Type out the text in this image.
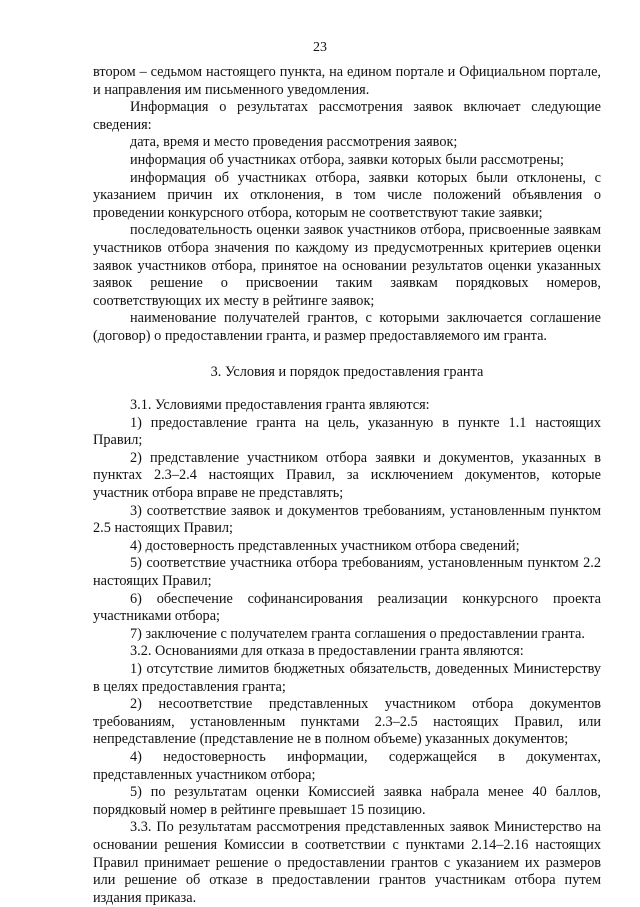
23

втором – седьмом настоящего пункта, на едином портале и Официальном портале, и направления им письменного уведомления.

Информация о результатах рассмотрения заявок включает следующие сведения:

дата, время и место проведения рассмотрения заявок;

информация об участниках отбора, заявки которых были рассмотрены;

информация об участниках отбора, заявки которых были отклонены, с указанием причин их отклонения, в том числе положений объявления о проведении конкурсного отбора, которым не соответствуют такие заявки;

последовательность оценки заявок участников отбора, присвоенные заявкам участников отбора значения по каждому из предусмотренных критериев оценки заявок участников отбора, принятое на основании результатов оценки указанных заявок решение о присвоении таким заявкам порядковых номеров, соответствующих их месту в рейтинге заявок;

наименование получателей грантов, с которыми заключается соглашение (договор) о предоставлении гранта, и размер предоставляемого им гранта.

3. Условия и порядок предоставления гранта

3.1. Условиями предоставления гранта являются:

1) предоставление гранта на цель, указанную в пункте 1.1 настоящих Правил;

2) представление участником отбора заявки и документов, указанных в пунктах 2.3–2.4 настоящих Правил, за исключением документов, которые участник отбора вправе не представлять;

3) соответствие заявок и документов требованиям, установленным пунктом 2.5 настоящих Правил;

4) достоверность представленных участником отбора сведений;

5) соответствие участника отбора требованиям, установленным пунктом 2.2 настоящих Правил;

6) обеспечение софинансирования реализации конкурсного проекта участниками отбора;

7) заключение с получателем гранта соглашения о предоставлении гранта.

3.2. Основаниями для отказа в предоставлении гранта являются:

1) отсутствие лимитов бюджетных обязательств, доведенных Министерству в целях предоставления гранта;

2) несоответствие представленных участником отбора документов требованиям, установленным пунктами 2.3–2.5 настоящих Правил, или непредставление (представление не в полном объеме) указанных документов;

4) недостоверность информации, содержащейся в документах, представленных участником отбора;

5) по результатам оценки Комиссией заявка набрала менее 40 баллов, порядковый номер в рейтинге превышает 15 позицию.

3.3. По результатам рассмотрения представленных заявок Министерство на основании решения Комиссии в соответствии с пунктами 2.14–2.16 настоящих Правил принимает решение о предоставлении грантов с указанием их размеров или решение об отказе в предоставлении грантов участникам отбора путем издания приказа.
